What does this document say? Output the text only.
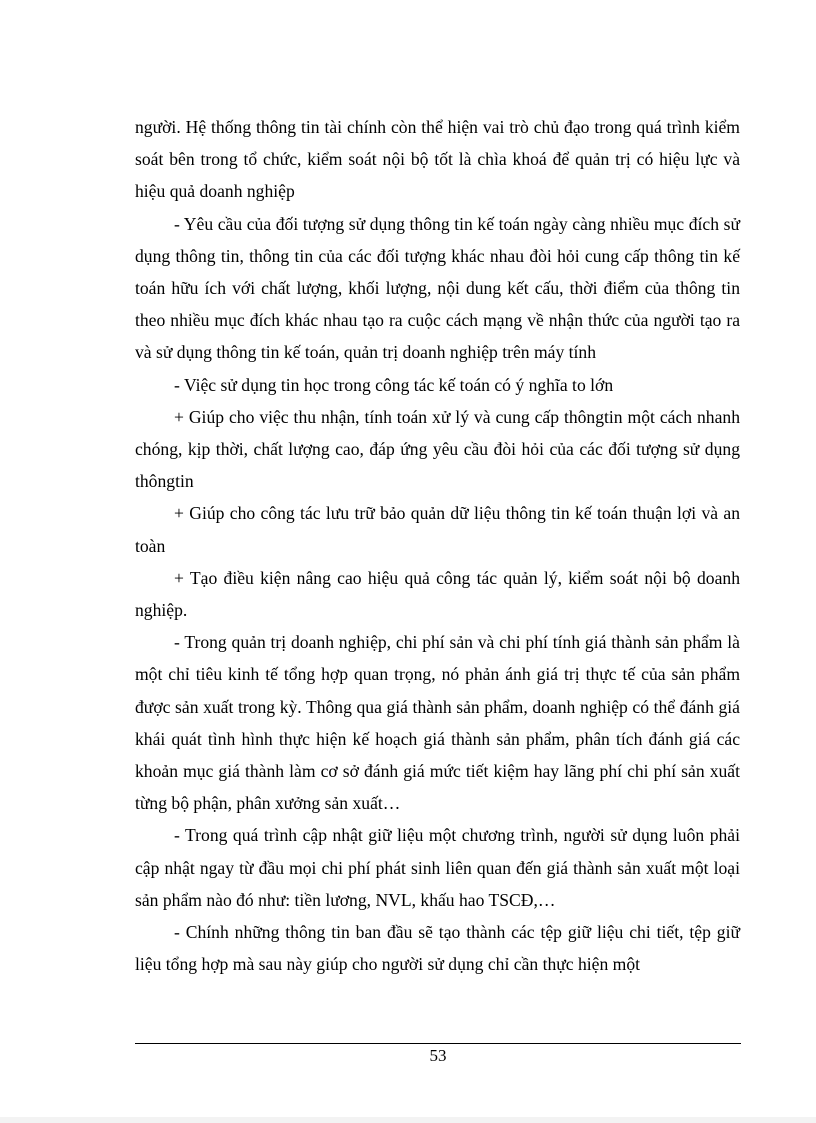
người. Hệ thống thông tin tài chính còn thể hiện vai trò chủ đạo trong quá trình kiểm soát bên trong tổ chức, kiểm soát nội bộ tốt là chìa khoá để quản trị có hiệu lực và hiệu quả doanh nghiệp

- Yêu cầu của đối tượng sử dụng thông tin kế toán ngày càng nhiều mục đích sử dụng thông tin, thông tin của các đối tượng khác nhau đòi hỏi cung cấp thông tin kế toán hữu ích với chất lượng, khối lượng, nội dung kết cấu, thời điểm của thông tin theo nhiều mục đích khác nhau tạo ra cuộc cách mạng về nhận thức của người tạo ra và sử dụng thông tin kế toán, quản trị doanh nghiệp trên máy tính

- Việc sử dụng tin học trong công tác kế toán có ý nghĩa to lớn

+ Giúp cho việc thu nhận, tính toán xử lý và cung cấp thôngtin một cách nhanh chóng, kịp thời, chất lượng cao, đáp ứng yêu cầu đòi hỏi của các đối tượng sử dụng thôngtin

+ Giúp cho công tác lưu trữ bảo quản dữ liệu thông tin kế toán thuận lợi và an toàn

+ Tạo điều kiện nâng cao hiệu quả công tác quản lý, kiểm soát nội bộ doanh nghiệp.

- Trong quản trị doanh nghiệp, chi phí sản và chi phí tính giá thành sản phẩm là một chỉ tiêu kinh tế tổng hợp quan trọng, nó phản ánh giá trị thực tế của sản phẩm được sản xuất trong kỳ. Thông qua giá thành sản phẩm, doanh nghiệp có thể đánh giá khái quát tình hình thực hiện kế hoạch giá thành sản phẩm, phân tích đánh giá các khoản mục giá thành làm cơ sở đánh giá mức tiết kiệm hay lãng phí chi phí sản xuất từng bộ phận, phân xưởng sản xuất…

- Trong quá trình cập nhật giữ liệu một chương trình, người sử dụng luôn phải cập nhật ngay từ đầu mọi chi phí phát sinh liên quan đến giá thành sản xuất một loại sản phẩm nào đó như: tiền lương, NVL, khấu hao TSCĐ,…

- Chính những thông tin ban đầu sẽ tạo thành các tệp giữ liệu chi tiết, tệp giữ liệu tổng hợp mà sau này giúp cho người sử dụng chỉ cần thực hiện một

53
